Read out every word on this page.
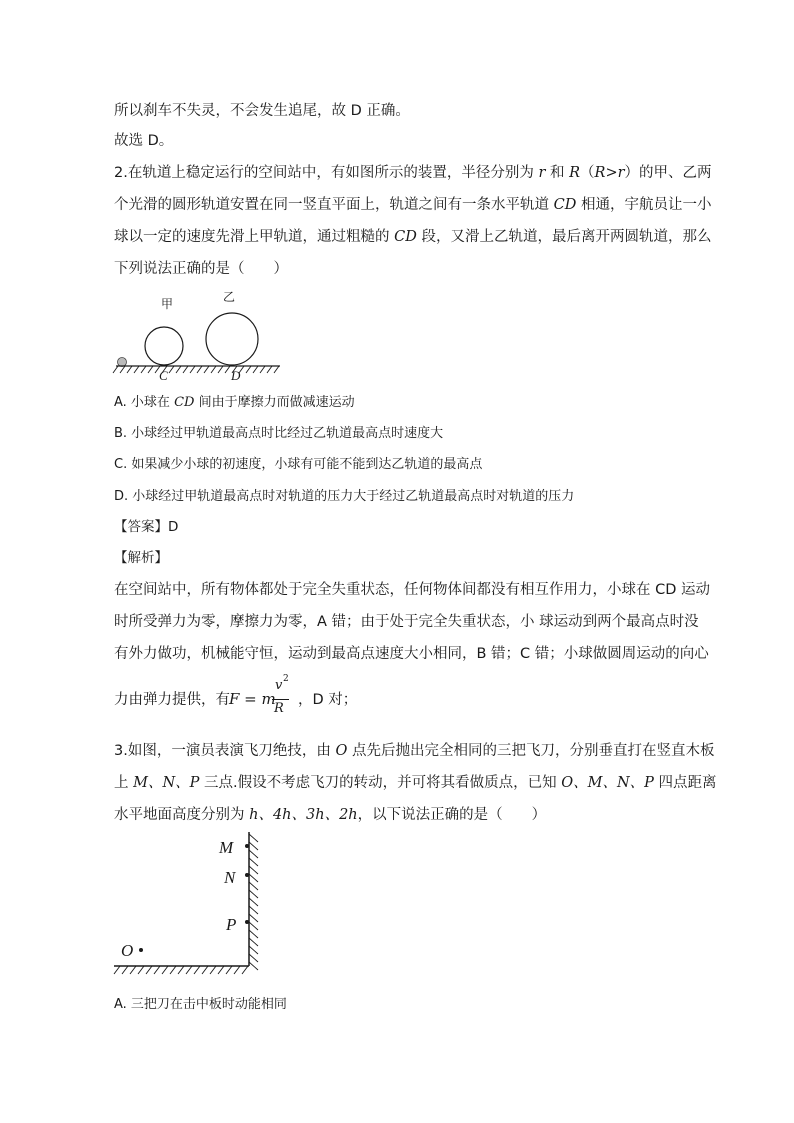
所以刹车不失灵，不会发生追尾，故 D 正确。
故选 D。
2.在轨道上稳定运行的空间站中，有如图所示的装置，半径分别为 r 和 R（R>r）的甲、乙两
个光滑的圆形轨道安置在同一竖直平面上，轨道之间有一条水平轨道 CD 相通，宇航员让一小
球以一定的速度先滑上甲轨道，通过粗糙的 CD 段，又滑上乙轨道，最后离开两圆轨道，那么
下列说法正确的是（　　）
甲	乙
C	D
A. 小球在 CD 间由于摩擦力而做减速运动
B. 小球经过甲轨道最高点时比经过乙轨道最高点时速度大
C. 如果减少小球的初速度，小球有可能不能到达乙轨道的最高点
D. 小球经过甲轨道最高点时对轨道的压力大于经过乙轨道最高点时对轨道的压力
【答案】D
【解析】
在空间站中，所有物体都处于完全失重状态，任何物体间都没有相互作用力，小球在 CD 运动
时所受弹力为零，摩擦力为零，A 错；由于处于完全失重状态，小 球运动到两个最高点时没
有外力做功，机械能守恒，运动到最高点速度大小相同，B 错；C 错；小球做圆周运动的向心
力由弹力提供，有 F = m
v 2
R
，D 对；
3.如图，一演员表演飞刀绝技，由 O 点先后抛出完全相同的三把飞刀，分别垂直打在竖直木板
上 M、N、P 三点.假设不考虑飞刀的转动，并可将其看做质点，已知 O、M、N、P 四点距离
水平地面高度分别为 h、4h、3h、2h，以下说法正确的是（　　）
M
N
P
O
A. 三把刀在击中板时动能相同
